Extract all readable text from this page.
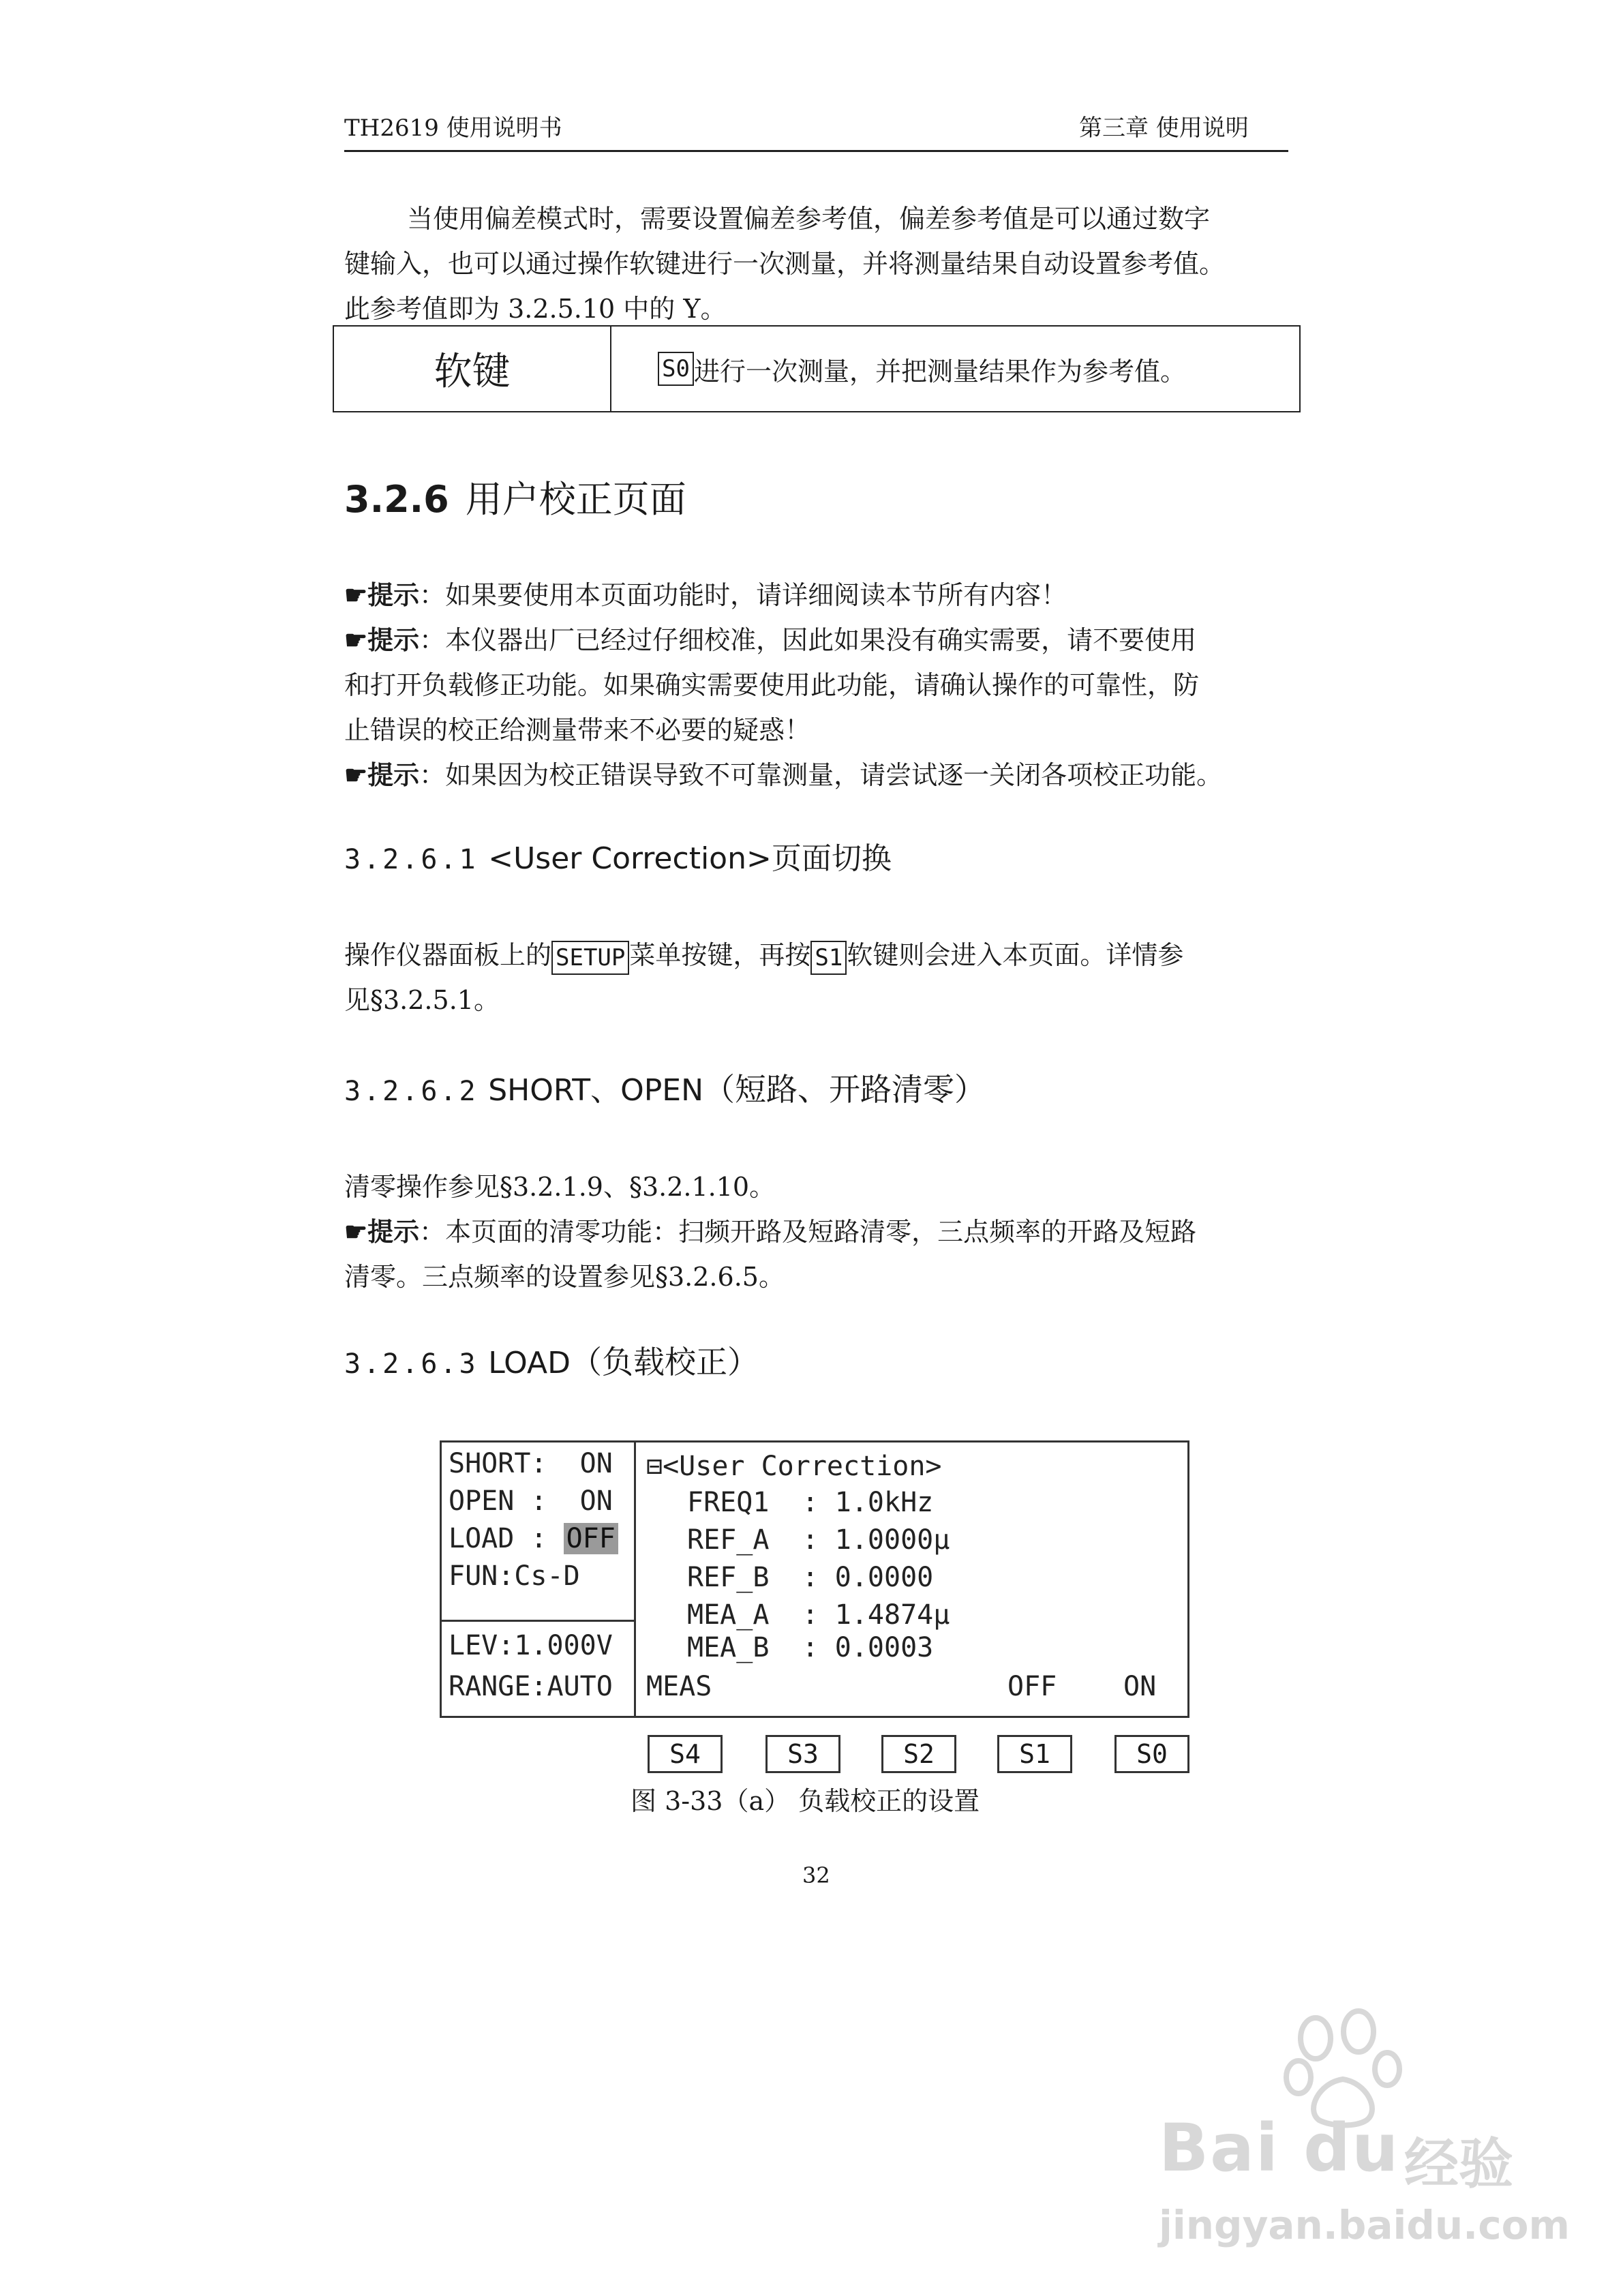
TH2619 使用说明书	第三章 使用说明
当使用偏差模式时，需要设置偏差参考值，偏差参考值是可以通过数字
键输入，也可以通过操作软键进行一次测量，并将测量结果自动设置参考值。
此参考值即为 3.2.5.10 中的 Y。
软键	S0 进行一次测量，并把测量结果作为参考值。
3.2.6 用户校正页面
☛提示：如果要使用本页面功能时，请详细阅读本节所有内容！
☛提示：本仪器出厂已经过仔细校准，因此如果没有确实需要，请不要使用
和打开负载修正功能。如果确实需要使用此功能，请确认操作的可靠性，防
止错误的校正给测量带来不必要的疑惑！
☛提示：如果因为校正错误导致不可靠测量，请尝试逐一关闭各项校正功能。
3.2.6.1 <User Correction>页面切换
操作仪器面板上的 SETUP 菜单按键，再按 S1 软键则会进入本页面。详情参
见§3.2.5.1。
3.2.6.2 SHORT、OPEN（短路、开路清零）
清零操作参见§3.2.1.9、§3.2.1.10。
☛提示：本页面的清零功能：扫频开路及短路清零，三点频率的开路及短路
清零。三点频率的设置参见§3.2.6.5。
3.2.6.3 LOAD（负载校正）
SHORT:  ON
OPEN :  ON
LOAD : OFF
FUN:Cs-D
LEV:1.000V
RANGE:AUTO
⊟<User Correction>
FREQ1  : 1.0kHz
REF_A  : 1.0000μ
REF_B  : 0.0000
MEA_A  : 1.4874μ
MEA_B  : 0.0003
MEAS	OFF ON
S4	S3	S2	S1	S0
图 3-33（a） 负载校正的设置
32
Bai du 经验
jingyan.baidu.com
